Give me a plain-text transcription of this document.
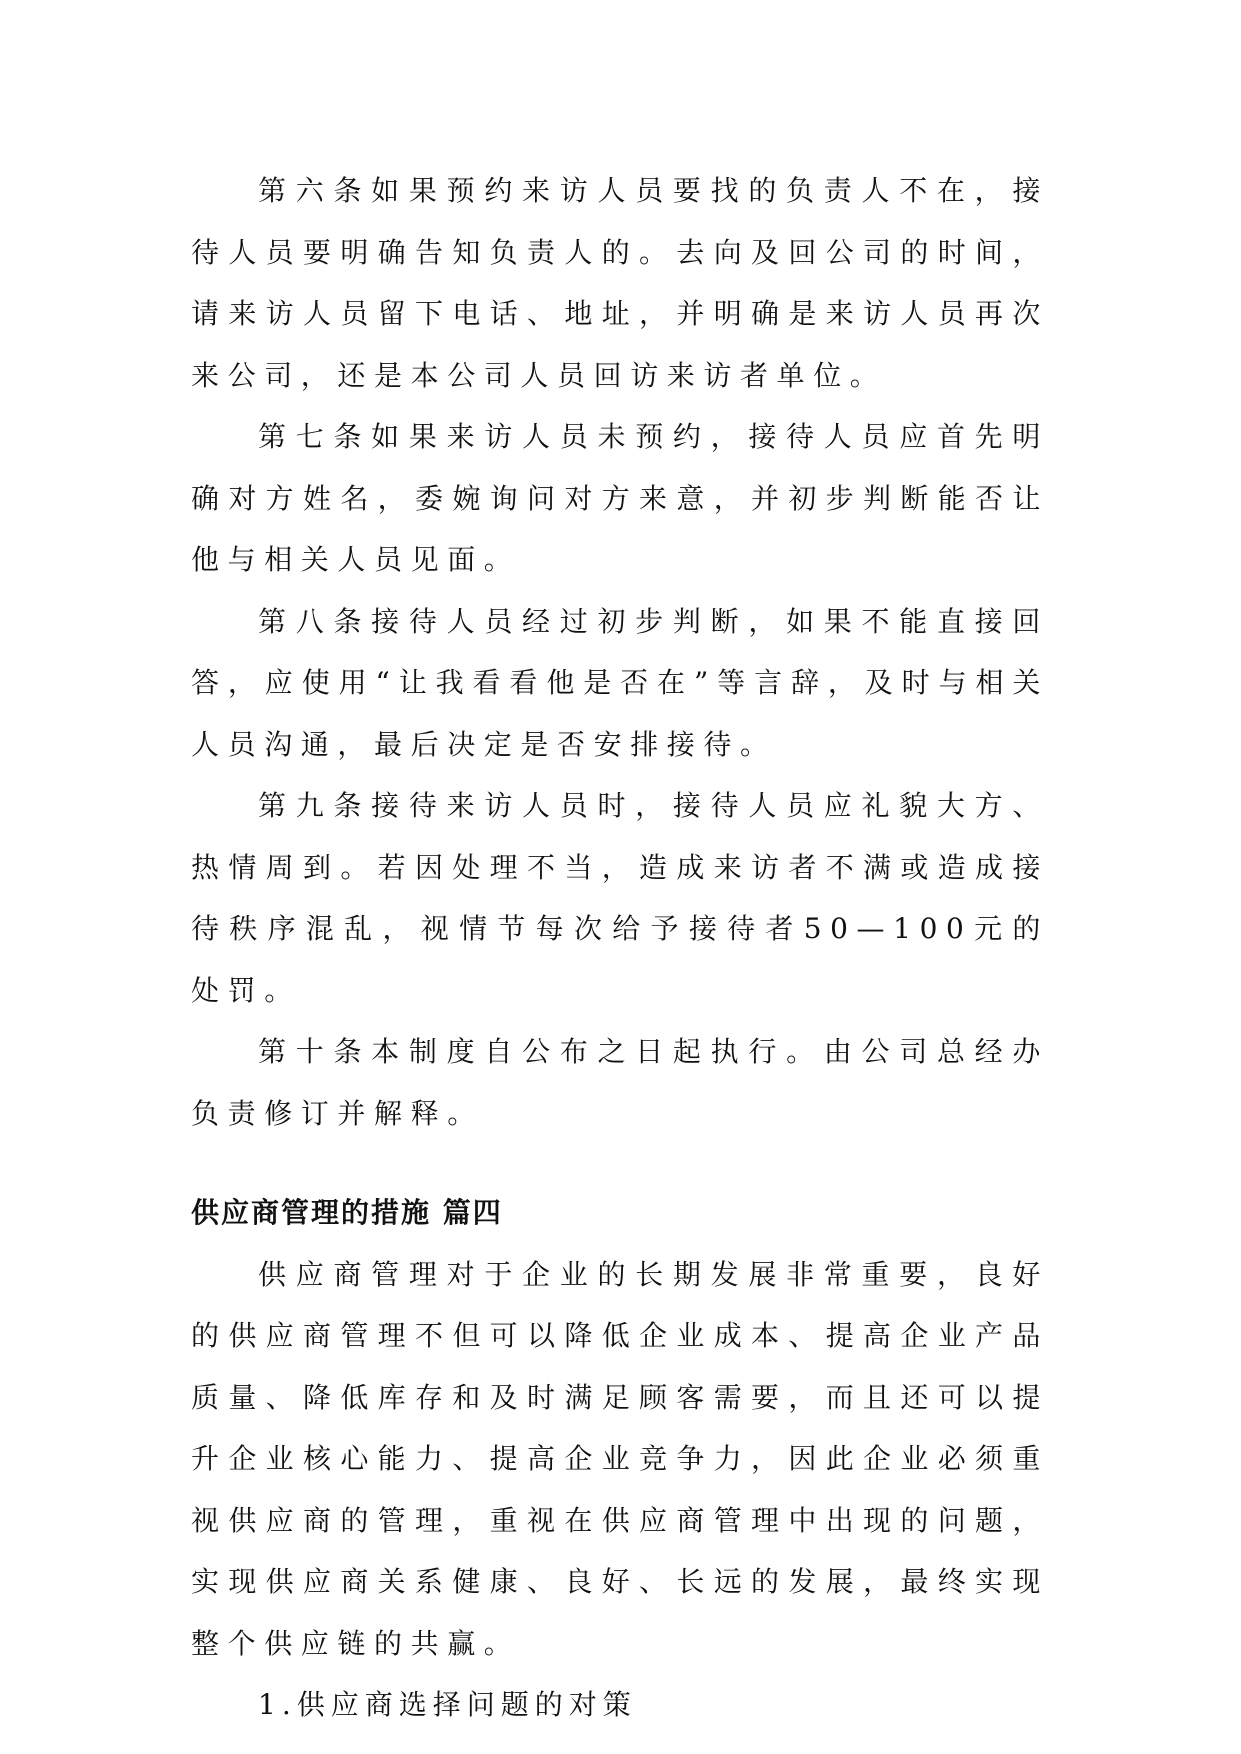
第六条如果预约来访人员要找的负责人不在，接待人员要明确告知负责人的。去向及回公司的时间，请来访人员留下电话、地址，并明确是来访人员再次来公司，还是本公司人员回访来访者单位。

第七条如果来访人员未预约，接待人员应首先明确对方姓名，委婉询问对方来意，并初步判断能否让他与相关人员见面。

第八条接待人员经过初步判断，如果不能直接回答，应使用“让我看看他是否在”等言辞，及时与相关人员沟通，最后决定是否安排接待。

第九条接待来访人员时，接待人员应礼貌大方、热情周到。若因处理不当，造成来访者不满或造成接待秩序混乱，视情节每次给予接待者50—100元的处罚。

第十条本制度自公布之日起执行。由公司总经办负责修订并解释。

供应商管理的措施 篇四

供应商管理对于企业的长期发展非常重要，良好的供应商管理不但可以降低企业成本、提高企业产品质量、降低库存和及时满足顾客需要，而且还可以提升企业核心能力、提高企业竞争力，因此企业必须重视供应商的管理，重视在供应商管理中出现的问题，实现供应商关系健康、良好、长远的发展，最终实现整个供应链的共赢。

1.供应商选择问题的对策
